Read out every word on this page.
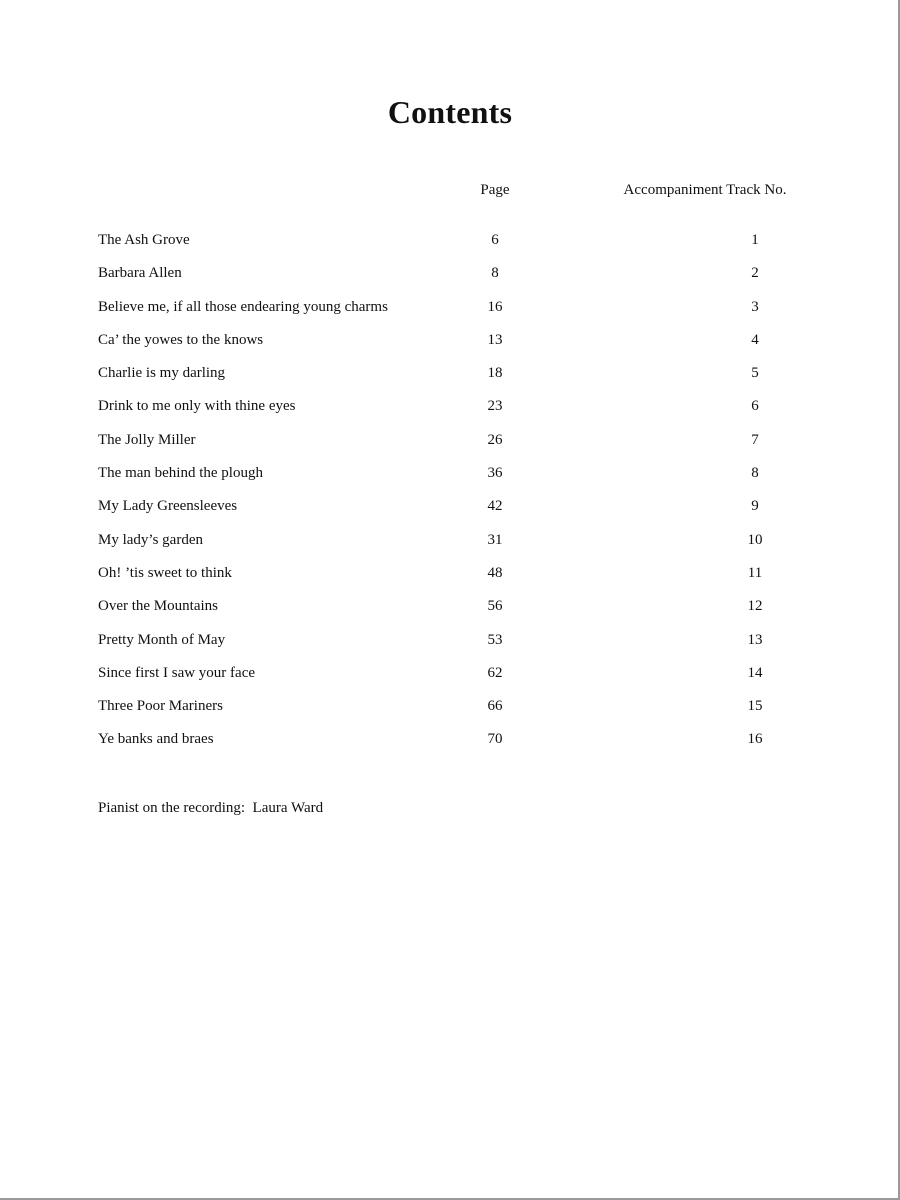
Contents
Page	Accompaniment Track No.
The Ash Grove	6	1
Barbara Allen	8	2
Believe me, if all those endearing young charms	16	3
Ca’ the yowes to the knows	13	4
Charlie is my darling	18	5
Drink to me only with thine eyes	23	6
The Jolly Miller	26	7
The man behind the plough	36	8
My Lady Greensleeves	42	9
My lady’s garden	31	10
Oh! ’tis sweet to think	48	11
Over the Mountains	56	12
Pretty Month of May	53	13
Since first I saw your face	62	14
Three Poor Mariners	66	15
Ye banks and braes	70	16
Pianist on the recording:  Laura Ward
